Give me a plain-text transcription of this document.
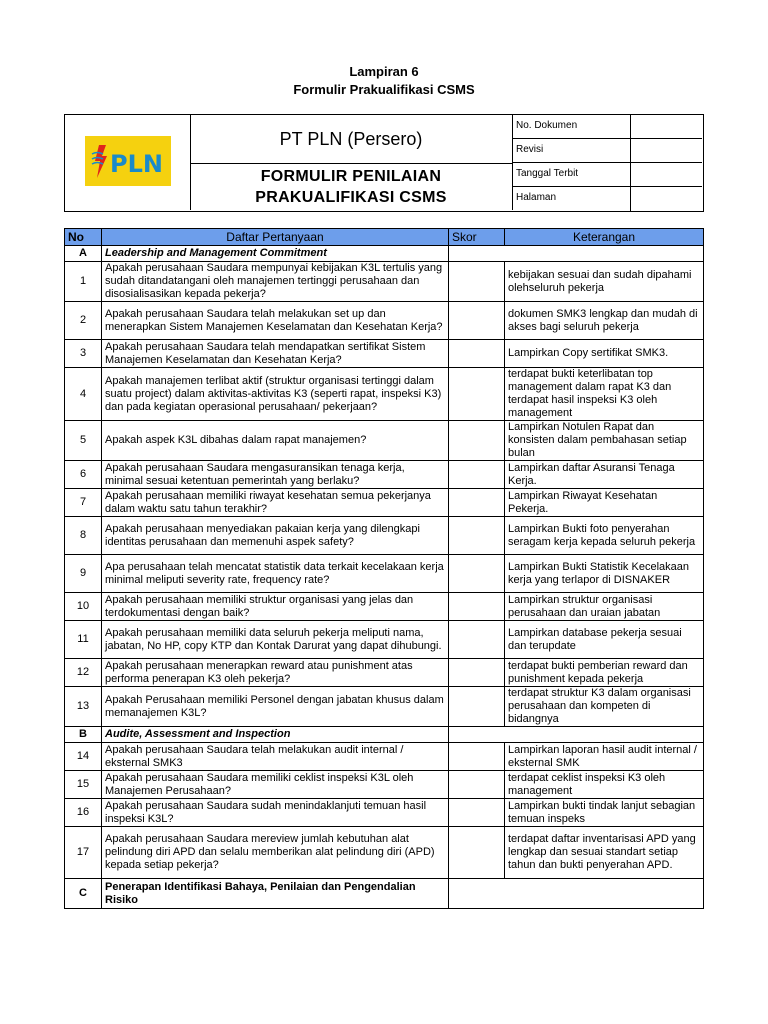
Lampiran 6
Formulir Prakualifikasi CSMS
PLN
PT PLN (Persero)
FORMULIR PENILAIAN
PRAKUALIFIKASI CSMS
No. Dokumen
Revisi
Tanggal Terbit
Halaman
No	Daftar Pertanyaan	Skor	Keterangan
A	Leadership and Management Commitment		
1	Apakah perusahaan Saudara mempunyai kebijakan K3L tertulis yang sudah ditandatangani oleh manajemen tertinggi perusahaan dan disosialisasikan kepada pekerja?		kebijakan sesuai dan sudah dipahami olehseluruh pekerja
2	Apakah perusahaan Saudara telah melakukan set up dan menerapkan Sistem Manajemen Keselamatan dan Kesehatan Kerja?		dokumen SMK3 lengkap dan mudah di akses bagi seluruh pekerja
3	Apakah perusahaan Saudara telah mendapatkan sertifikat Sistem Manajemen Keselamatan dan Kesehatan Kerja?		Lampirkan Copy sertifikat SMK3.
4	Apakah manajemen terlibat aktif (struktur organisasi tertinggi dalam suatu project) dalam aktivitas-aktivitas K3 (seperti rapat, inspeksi K3) dan pada kegiatan operasional perusahaan/ pekerjaan?		terdapat bukti keterlibatan top management dalam rapat K3 dan terdapat hasil inspeksi K3 oleh management
5	Apakah aspek K3L dibahas dalam rapat manajemen?		Lampirkan Notulen Rapat dan konsisten dalam pembahasan setiap bulan
6	Apakah perusahaan Saudara mengasuransikan tenaga kerja, minimal sesuai ketentuan pemerintah yang berlaku?		Lampirkan daftar Asuransi Tenaga Kerja.
7	Apakah perusahaan memiliki riwayat kesehatan semua pekerjanya dalam waktu satu tahun terakhir?		Lampirkan Riwayat Kesehatan Pekerja.
8	Apakah perusahaan menyediakan pakaian kerja yang dilengkapi identitas perusahaan dan memenuhi aspek safety?		Lampirkan Bukti foto penyerahan seragam kerja kepada seluruh pekerja
9	Apa perusahaan telah mencatat statistik data terkait kecelakaan kerja minimal meliputi severity rate, frequency rate?		Lampirkan Bukti Statistik Kecelakaan kerja yang terlapor di DISNAKER
10	Apakah perusahaan memiliki struktur organisasi yang jelas dan terdokumentasi dengan baik?		Lampirkan struktur organisasi perusahaan dan uraian jabatan
11	Apakah perusahaan memiliki data seluruh pekerja meliputi nama, jabatan, No HP, copy KTP dan Kontak Darurat yang dapat dihubungi.		Lampirkan database pekerja sesuai dan terupdate
12	Apakah perusahaan menerapkan reward atau punishment atas performa penerapan K3 oleh pekerja?		terdapat bukti pemberian reward dan punishment kepada pekerja
13	Apakah Perusahaan memiliki Personel dengan jabatan khusus dalam memanajemen K3L?		terdapat struktur K3 dalam organisasi perusahaan dan kompeten di bidangnya
B	Audite, Assessment and Inspection		
14	Apakah perusahaan Saudara telah melakukan audit internal / eksternal SMK3		Lampirkan laporan hasil audit internal / eksternal SMK
15	Apakah perusahaan Saudara memiliki ceklist inspeksi K3L oleh Manajemen Perusahaan?		terdapat ceklist inspeksi K3 oleh management
16	Apakah perusahaan Saudara sudah menindaklanjuti temuan hasil inspeksi K3L?		Lampirkan bukti tindak lanjut sebagian temuan inspeks
17	Apakah perusahaan Saudara mereview jumlah kebutuhan alat pelindung diri APD dan selalu memberikan alat pelindung diri (APD) kepada setiap pekerja?		terdapat daftar inventarisasi APD yang lengkap dan sesuai standart setiap tahun dan bukti penyerahan APD.
C	Penerapan Identifikasi Bahaya, Penilaian dan Pengendalian Risiko		
